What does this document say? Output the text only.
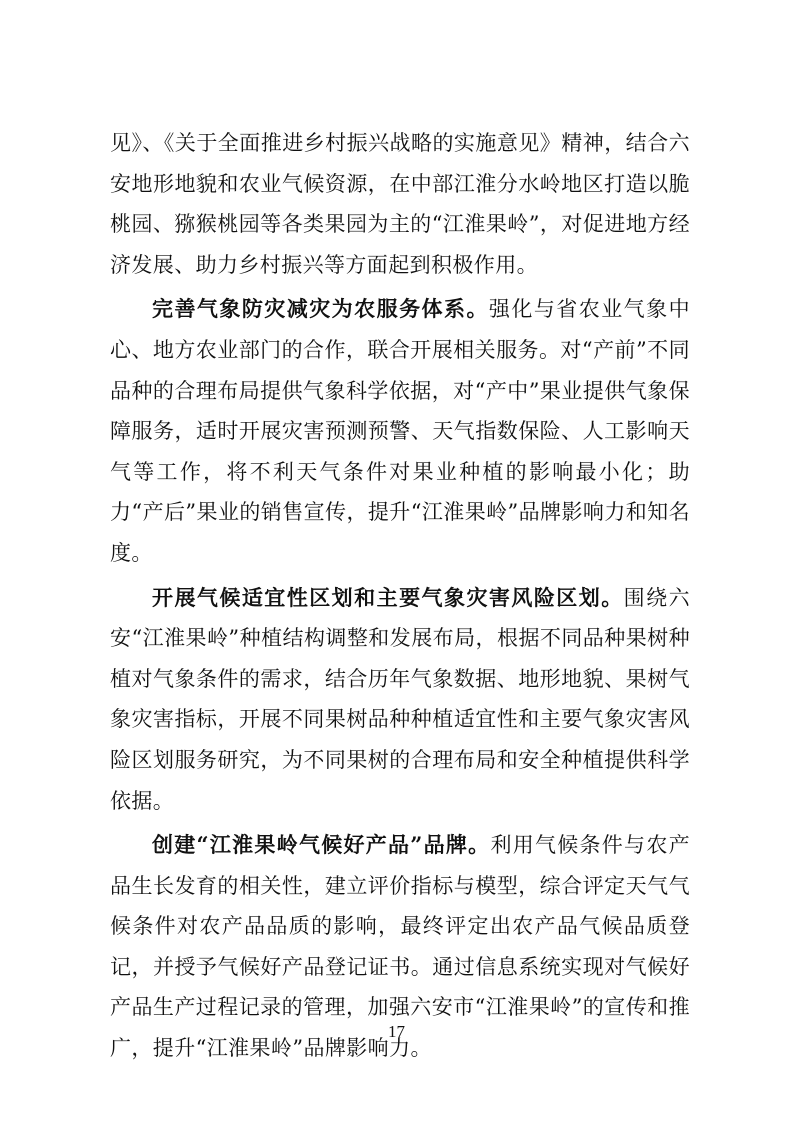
见》、《关于全面推进乡村振兴战略的实施意见》精神，结合六安地形地貌和农业气候资源，在中部江淮分水岭地区打造以脆桃园、猕猴桃园等各类果园为主的“江淮果岭”，对促进地方经济发展、助力乡村振兴等方面起到积极作用。

完善气象防灾减灾为农服务体系。强化与省农业气象中心、地方农业部门的合作，联合开展相关服务。对“产前”不同品种的合理布局提供气象科学依据，对“产中”果业提供气象保障服务，适时开展灾害预测预警、天气指数保险、人工影响天气等工作，将不利天气条件对果业种植的影响最小化；助力“产后”果业的销售宣传，提升“江淮果岭”品牌影响力和知名度。

开展气候适宜性区划和主要气象灾害风险区划。围绕六安“江淮果岭”种植结构调整和发展布局，根据不同品种果树种植对气象条件的需求，结合历年气象数据、地形地貌、果树气象灾害指标，开展不同果树品种种植适宜性和主要气象灾害风险区划服务研究，为不同果树的合理布局和安全种植提供科学依据。

创建“江淮果岭气候好产品”品牌。利用气候条件与农产品生长发育的相关性，建立评价指标与模型，综合评定天气气候条件对农产品品质的影响，最终评定出农产品气候品质登记，并授予气候好产品登记证书。通过信息系统实现对气候好产品生产过程记录的管理，加强六安市“江淮果岭”的宣传和推广，提升“江淮果岭”品牌影响力。

17
